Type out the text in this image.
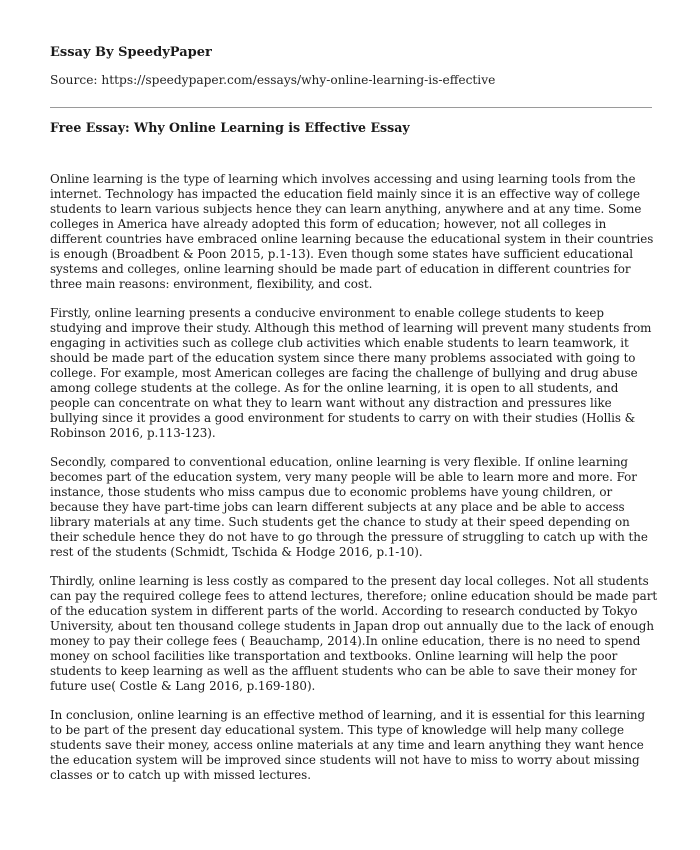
Essay By SpeedyPaper

Source: https://speedypaper.com/essays/why-online-learning-is-effective

Free Essay: Why Online Learning is Effective Essay

Online learning is the type of learning which involves accessing and using learning tools from the internet. Technology has impacted the education field mainly since it is an effective way of college students to learn various subjects hence they can learn anything, anywhere and at any time. Some colleges in America have already adopted this form of education; however, not all colleges in different countries have embraced online learning because the educational system in their countries is enough (Broadbent & Poon 2015, p.1-13). Even though some states have sufficient educational systems and colleges, online learning should be made part of education in different countries for three main reasons: environment, flexibility, and cost.

Firstly, online learning presents a conducive environment to enable college students to keep studying and improve their study. Although this method of learning will prevent many students from engaging in activities such as college club activities which enable students to learn teamwork, it should be made part of the education system since there many problems associated with going to college. For example, most American colleges are facing the challenge of bullying and drug abuse among college students at the college. As for the online learning, it is open to all students, and people can concentrate on what they to learn want without any distraction and pressures like bullying since it provides a good environment for students to carry on with their studies (Hollis & Robinson 2016, p.113-123).

Secondly, compared to conventional education, online learning is very flexible. If online learning becomes part of the education system, very many people will be able to learn more and more. For instance, those students who miss campus due to economic problems have young children, or because they have part-time jobs can learn different subjects at any place and be able to access library materials at any time. Such students get the chance to study at their speed depending on their schedule hence they do not have to go through the pressure of struggling to catch up with the rest of the students (Schmidt, Tschida & Hodge 2016, p.1-10).

Thirdly, online learning is less costly as compared to the present day local colleges. Not all students can pay the required college fees to attend lectures, therefore; online education should be made part of the education system in different parts of the world. According to research conducted by Tokyo University, about ten thousand college students in Japan drop out annually due to the lack of enough money to pay their college fees ( Beauchamp, 2014).In online education, there is no need to spend money on school facilities like transportation and textbooks. Online learning will help the poor students to keep learning as well as the affluent students who can be able to save their money for future use( Costle & Lang 2016, p.169-180).

In conclusion, online learning is an effective method of learning, and it is essential for this learning to be part of the present day educational system. This type of knowledge will help many college students save their money, access online materials at any time and learn anything they want hence the education system will be improved since students will not have to miss to worry about missing classes or to catch up with missed lectures.
